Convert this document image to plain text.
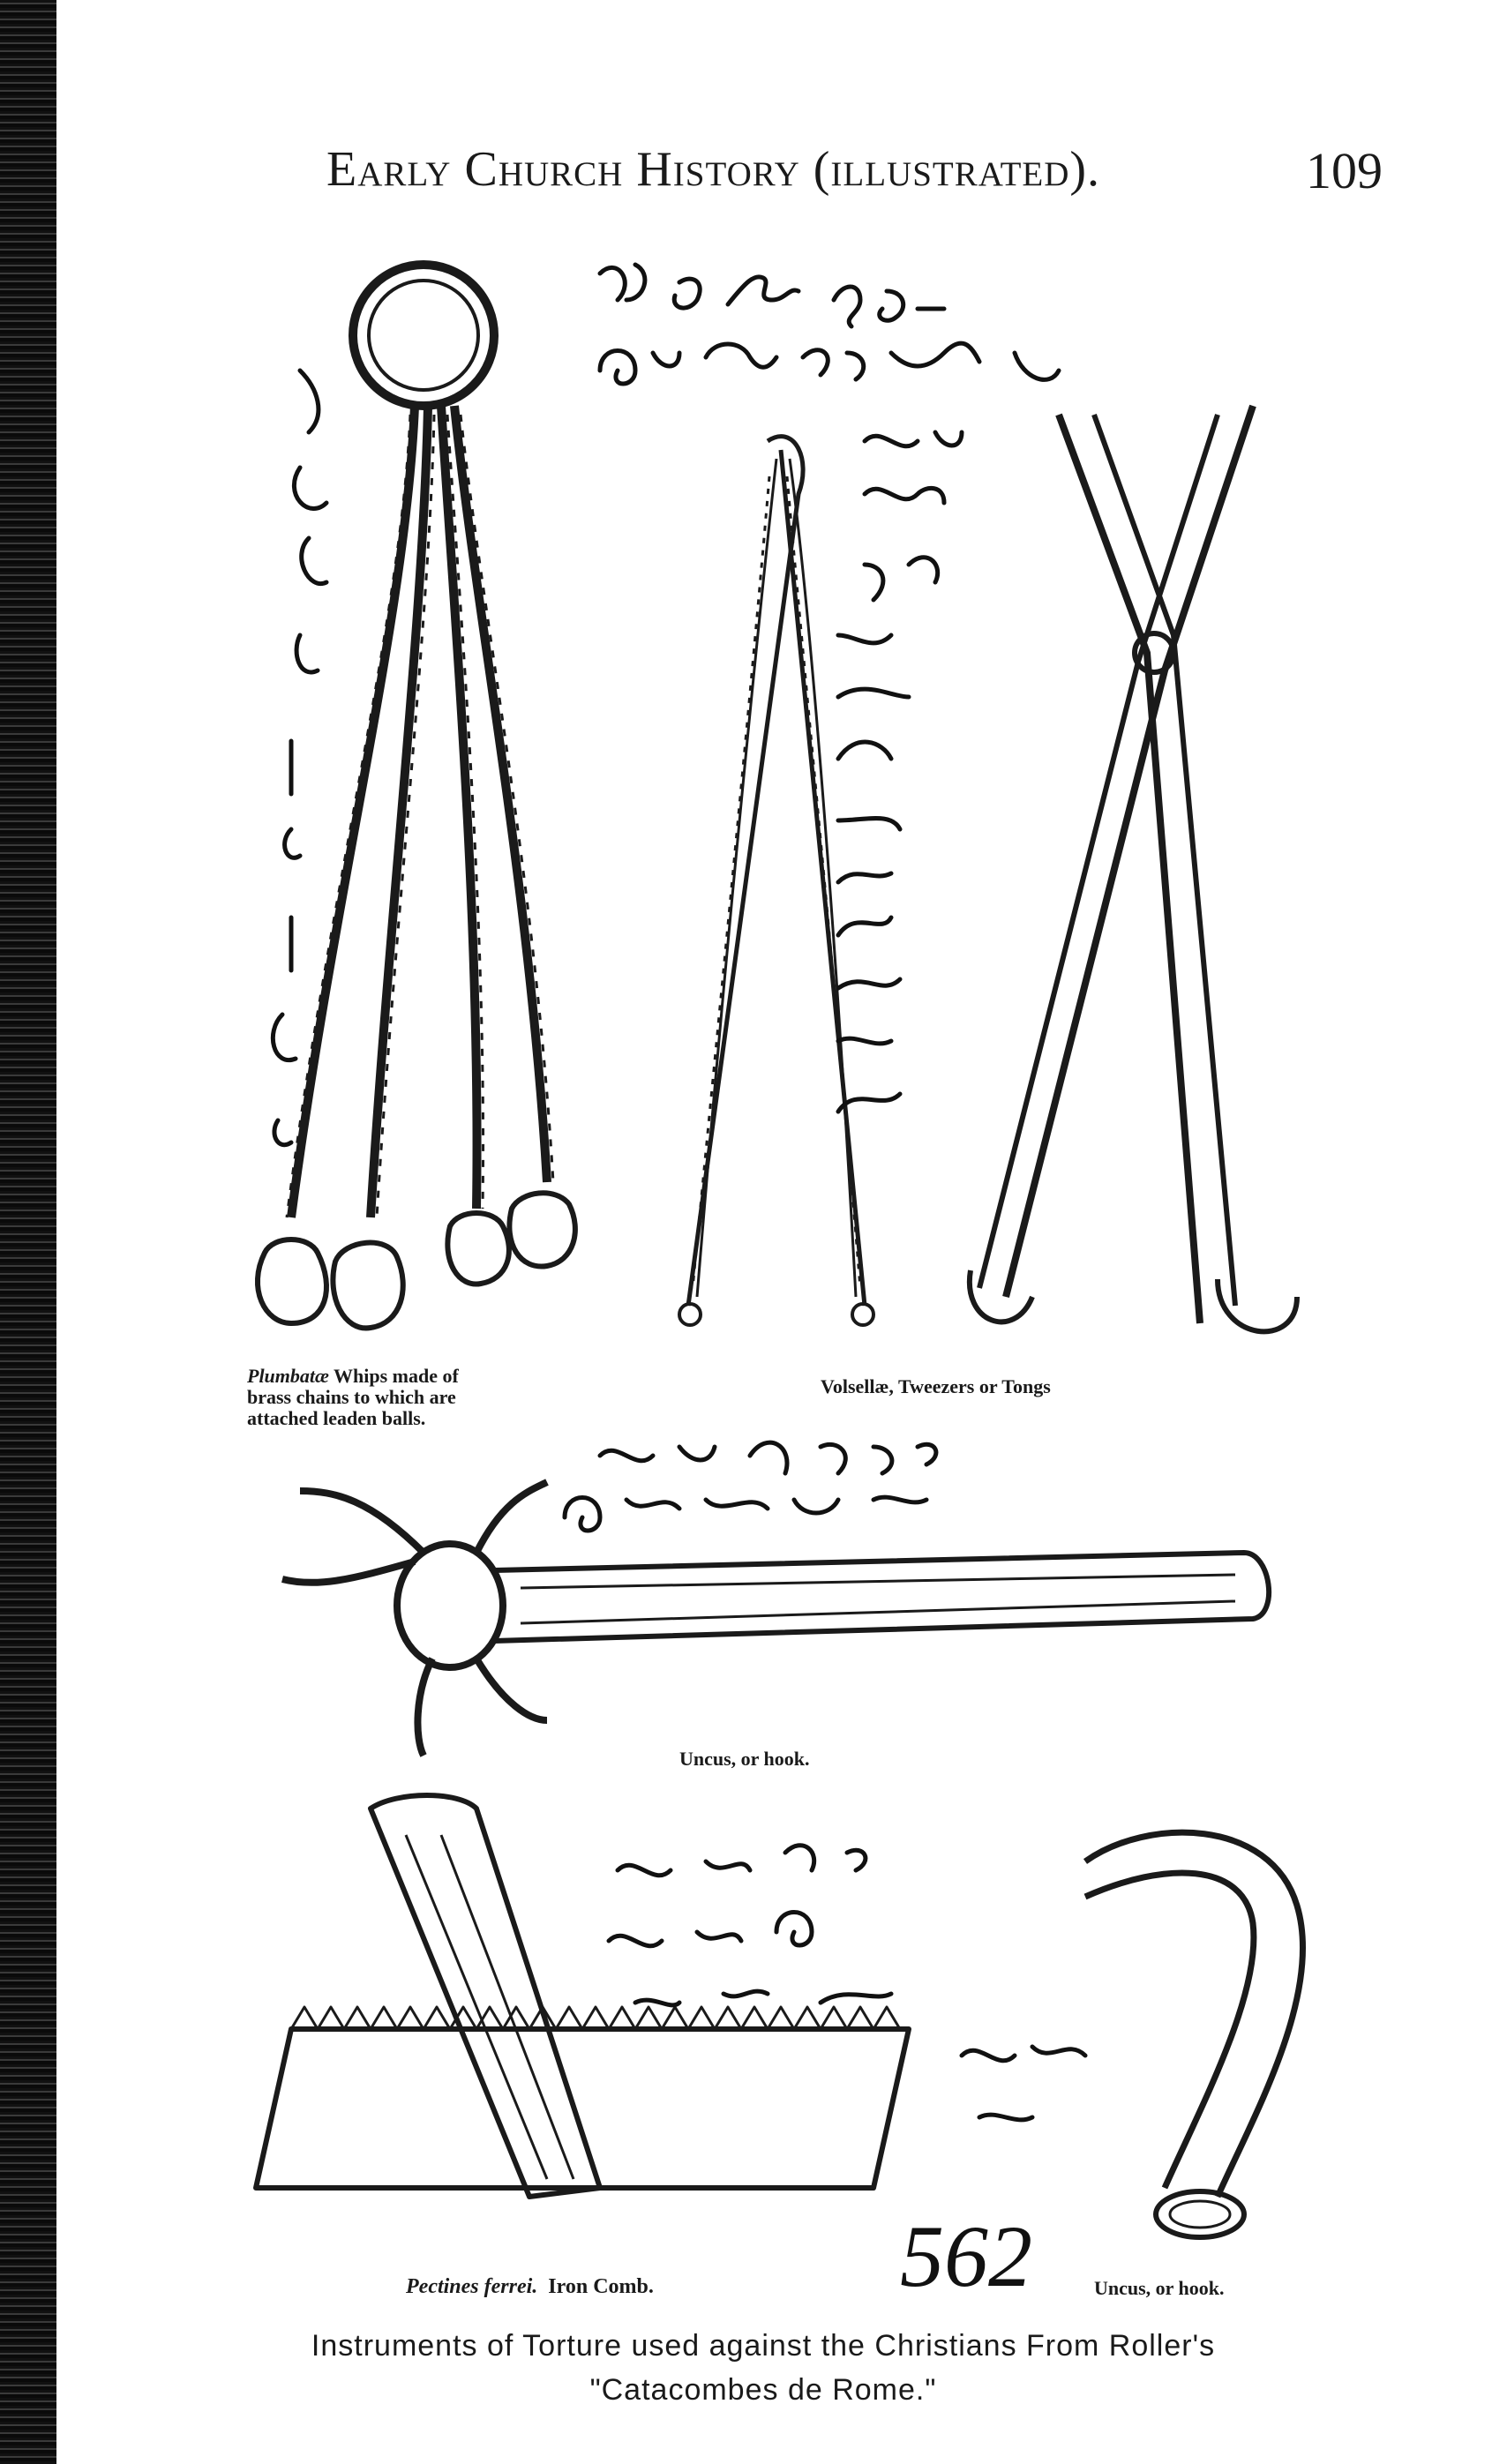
Early Church History (illustrated).	109
Plumbatæ Whips made of
brass chains to which are
attached leaden balls.
Volsellæ, Tweezers or Tongs
Uncus, or hook.
Pectines ferrei. Iron Comb.	Uncus, or hook.
562
Instruments of Torture used against the Christians From Roller's
"Catacombes de Rome."
